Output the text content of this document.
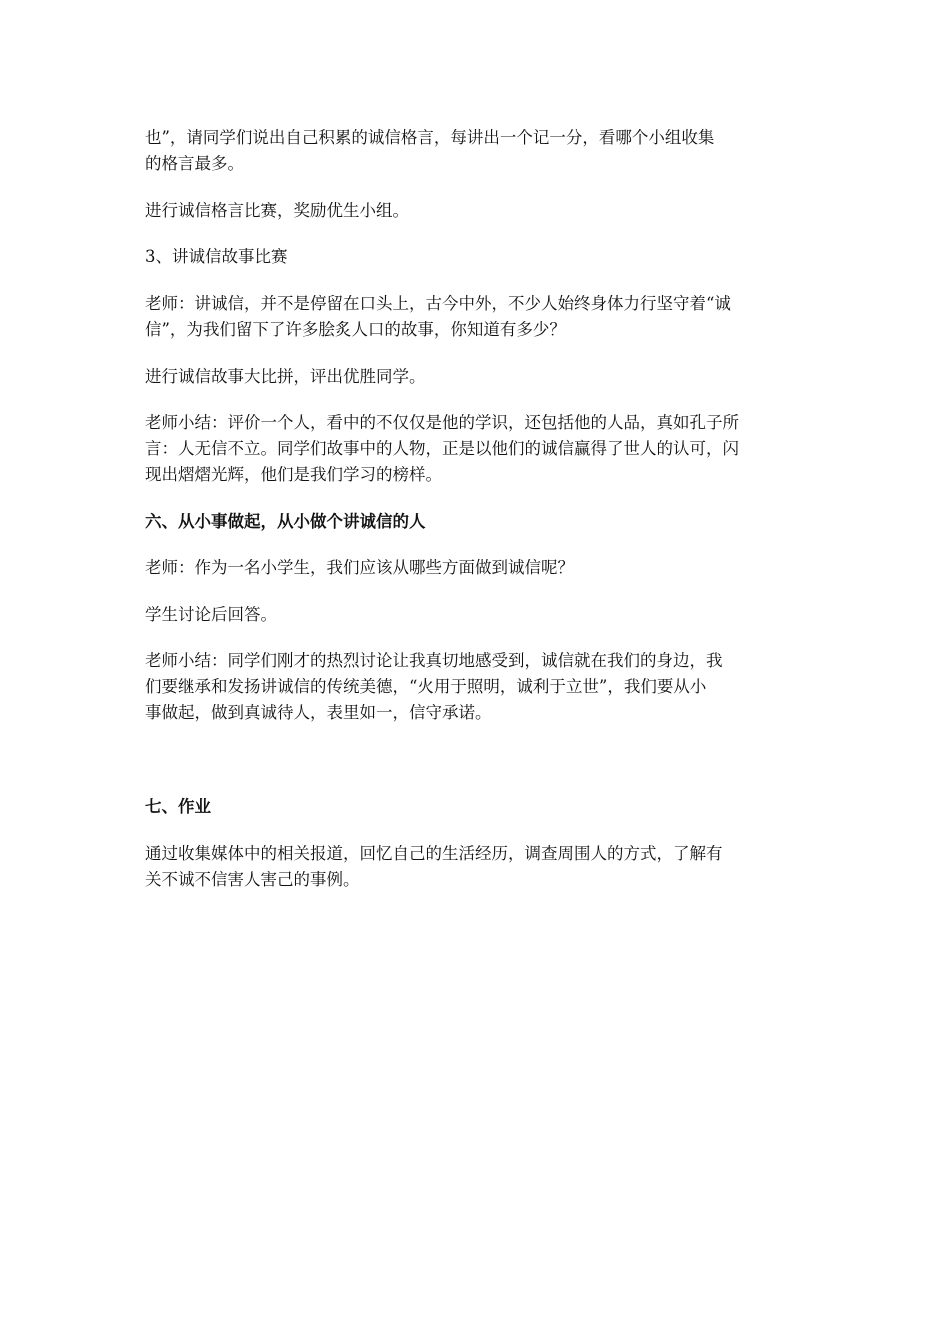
也”，请同学们说出自己积累的诚信格言，每讲出一个记一分，看哪个小组收集
的格言最多。
进行诚信格言比赛，奖励优生小组。
3、讲诚信故事比赛
老师：讲诚信，并不是停留在口头上，古今中外，不少人始终身体力行坚守着“诚
信”，为我们留下了许多脍炙人口的故事，你知道有多少？
进行诚信故事大比拼，评出优胜同学。
老师小结：评价一个人，看中的不仅仅是他的学识，还包括他的人品，真如孔子所
言：人无信不立。同学们故事中的人物，正是以他们的诚信赢得了世人的认可，闪
现出熠熠光辉，他们是我们学习的榜样。
六、从小事做起，从小做个讲诚信的人
老师：作为一名小学生，我们应该从哪些方面做到诚信呢？
学生讨论后回答。
老师小结：同学们刚才的热烈讨论让我真切地感受到，诚信就在我们的身边，我
们要继承和发扬讲诚信的传统美德，“火用于照明，诚利于立世”，我们要从小
事做起，做到真诚待人，表里如一，信守承诺。
七、作业
通过收集媒体中的相关报道，回忆自己的生活经历，调查周围人的方式，了解有
关不诚不信害人害己的事例。
